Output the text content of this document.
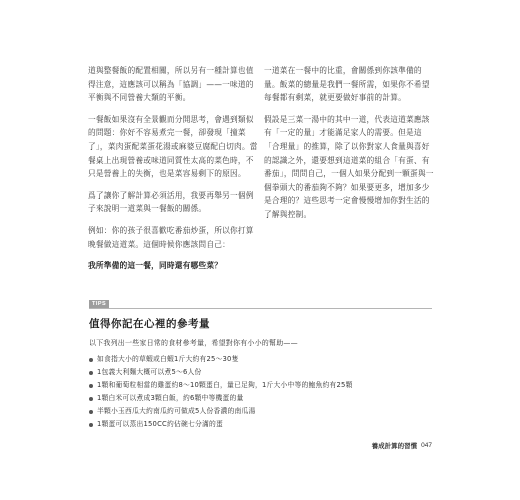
道與整餐飯的配置相關，所以另有一種計算也值得注意，這應該可以稱為「協調」——一味道的平衡與不同營養大類的平衡。

一餐飯如果沒有全景觀而分開思考，會遇到類似的問題：你好不容易煮完一餐，卻發現「撞菜了」，菜肉蛋配菜蛋花湯或麻婆豆腐配白切肉。當餐桌上出現營養或味道同質性太高的菜色時，不只是營養上的失衡，也是菜容易剩下的原因。

爲了讓你了解計算必須活用，我要再舉另一個例子來說明一道菜與一餐飯的關係。

例如：你的孩子很喜歡吃番茄炒蛋，所以你打算晚餐做這道菜。這個時候你應該問自己：

我所準備的這一餐，同時還有哪些菜？

一道菜在一餐中的比重，會關係到你該準備的量。飯菜的總量是我們一餐所需，如果你不希望每餐都有剩菜，就更要做好事前的計算。

假設是三菜一湯中的其中一道，代表這道菜應該有「一定的量」才能滿足家人的需要。但是這「合理量」的推算，除了以你對家人食量與喜好的認識之外，還要想到這道菜的組合「有蛋、有番茄」，問問自己，一個人如果分配到一顆蛋與一個拳頭大的番茄夠不夠？如果要更多，增加多少是合理的？這些思考一定會慢慢增加你對生活的了解與控制。

TIPS
值得你記在心裡的參考量
以下我列出一些家日常的食材參考量，希望對你有小小的幫助——
如食指大小的草蝦或白蝦1斤大約有25～30隻
1包義大利麵大概可以煮5～6人份
1顆和葡萄粒相當的雞蛋約8～10顆蛋白，量已足夠，1斤大小中等的鮑魚約有25顆
1顆白米可以煮成3顆白飯，約6顆中等機蛋的量
半顆小玉西瓜大約南瓜約可做成5人份香濃的南瓜湯
1顆蛋可以蒸出150CC約佔碗七分滿的蛋
養成計算的習慣 047
